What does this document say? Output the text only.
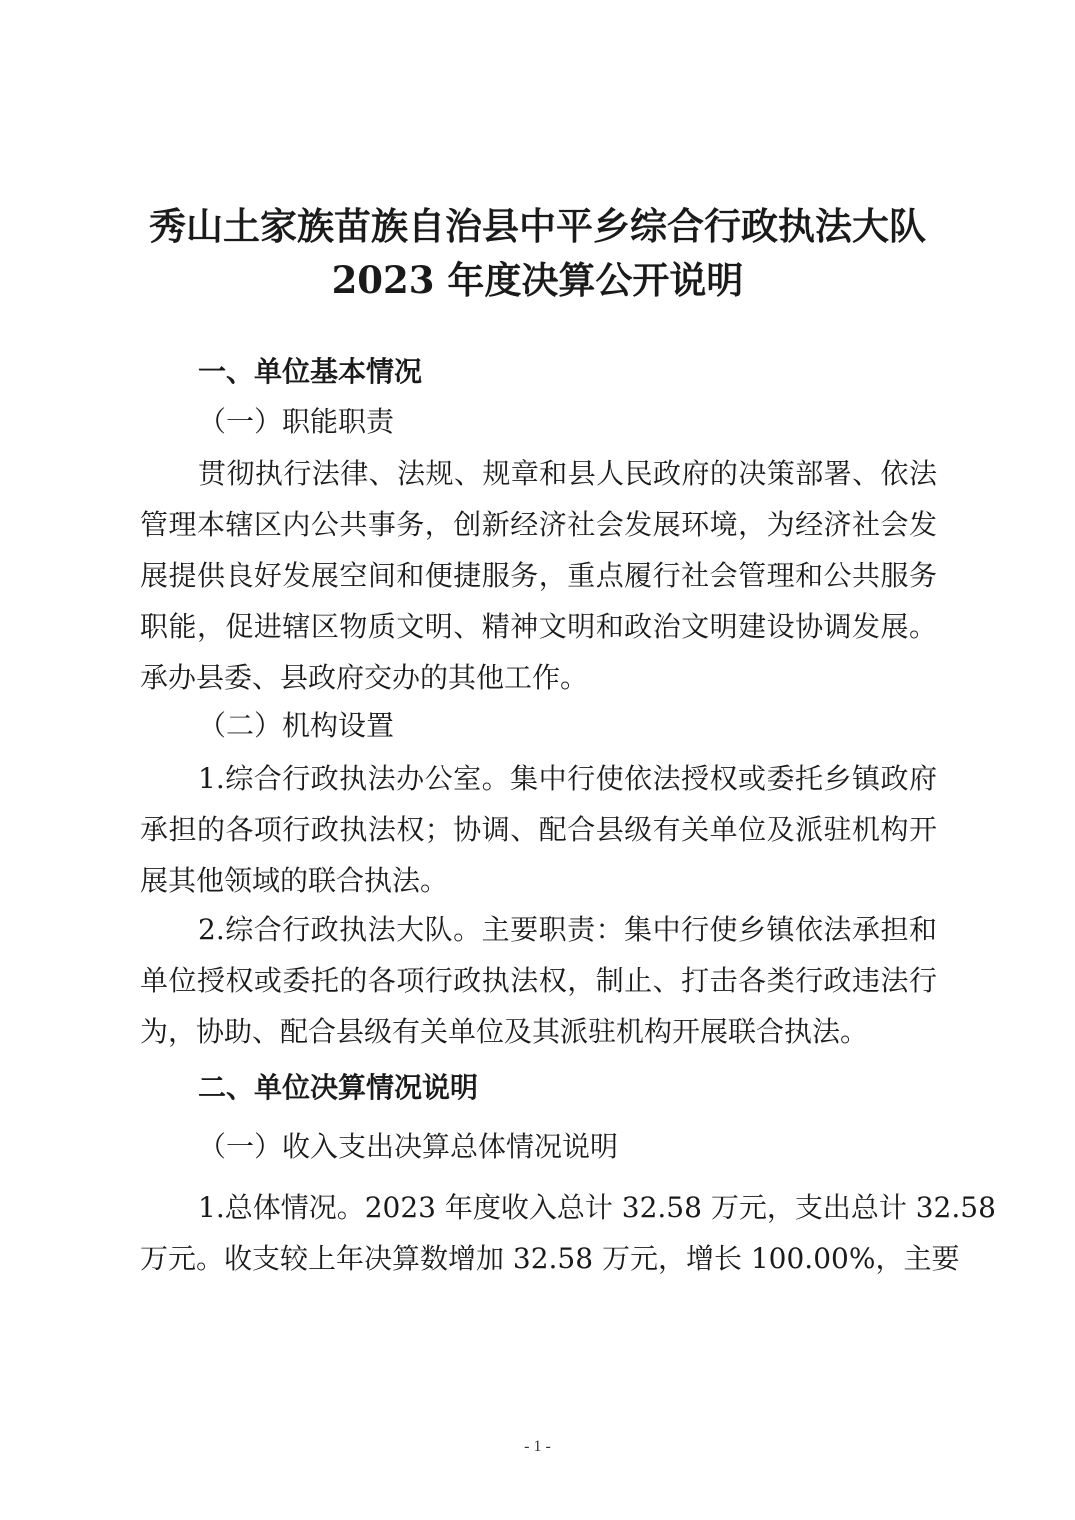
秀山土家族苗族自治县中平乡综合行政执法大队
2023 年度决算公开说明
一、单位基本情况
（一）职能职责
贯彻执行法律、法规、规章和县人民政府的决策部署、依法
管理本辖区内公共事务，创新经济社会发展环境，为经济社会发
展提供良好发展空间和便捷服务，重点履行社会管理和公共服务
职能，促进辖区物质文明、精神文明和政治文明建设协调发展。
承办县委、县政府交办的其他工作。
（二）机构设置
1.综合行政执法办公室。集中行使依法授权或委托乡镇政府
承担的各项行政执法权；协调、配合县级有关单位及派驻机构开
展其他领域的联合执法。
2.综合行政执法大队。主要职责：集中行使乡镇依法承担和
单位授权或委托的各项行政执法权，制止、打击各类行政违法行
为，协助、配合县级有关单位及其派驻机构开展联合执法。
二、单位决算情况说明
（一）收入支出决算总体情况说明
1.总体情况。2023 年度收入总计 32.58 万元，支出总计 32.58
万元。收支较上年决算数增加 32.58 万元，增长 100.00%，主要
- 1 -
